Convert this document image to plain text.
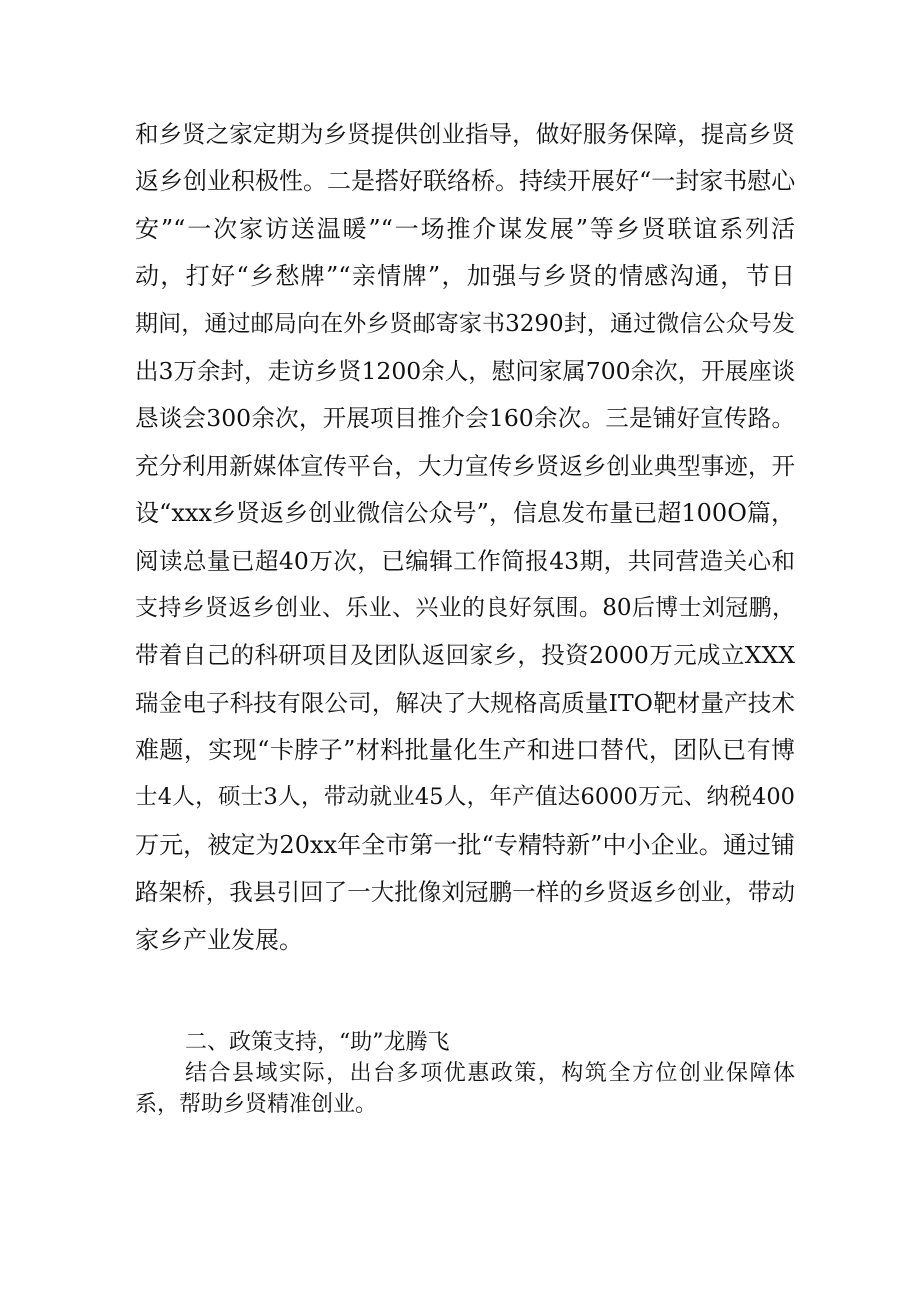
和乡贤之家定期为乡贤提供创业指导，做好服务保障，提高乡贤
返乡创业积极性。二是搭好联络桥。持续开展好“一封家书慰心
安”“一次家访送温暖”“一场推介谋发展”等乡贤联谊系列活
动，打好“乡愁牌”“亲情牌”，加强与乡贤的情感沟通，节日
期间，通过邮局向在外乡贤邮寄家书3290封，通过微信公众号发
出3万余封，走访乡贤1200余人，慰问家属700余次，开展座谈
恳谈会300余次，开展项目推介会160余次。三是铺好宣传路。
充分利用新媒体宣传平台，大力宣传乡贤返乡创业典型事迹，开
设“xxx乡贤返乡创业微信公众号”，信息发布量已超100O篇，
阅读总量已超40万次，已编辑工作简报43期，共同营造关心和
支持乡贤返乡创业、乐业、兴业的良好氛围。80后博士刘冠鹏，
带着自己的科研项目及团队返回家乡，投资2000万元成立XXX
瑞金电子科技有限公司，解决了大规格高质量ITO靶材量产技术
难题，实现“卡脖子”材料批量化生产和进口替代，团队已有博
士4人，硕士3人，带动就业45人，年产值达6000万元、纳税400
万元，被定为20xx年全市第一批“专精特新”中小企业。通过铺
路架桥，我县引回了一大批像刘冠鹏一样的乡贤返乡创业，带动
家乡产业发展。
二、政策支持，“助”龙腾飞
结合县域实际，出台多项优惠政策，构筑全方位创业保障体
系，帮助乡贤精准创业。
